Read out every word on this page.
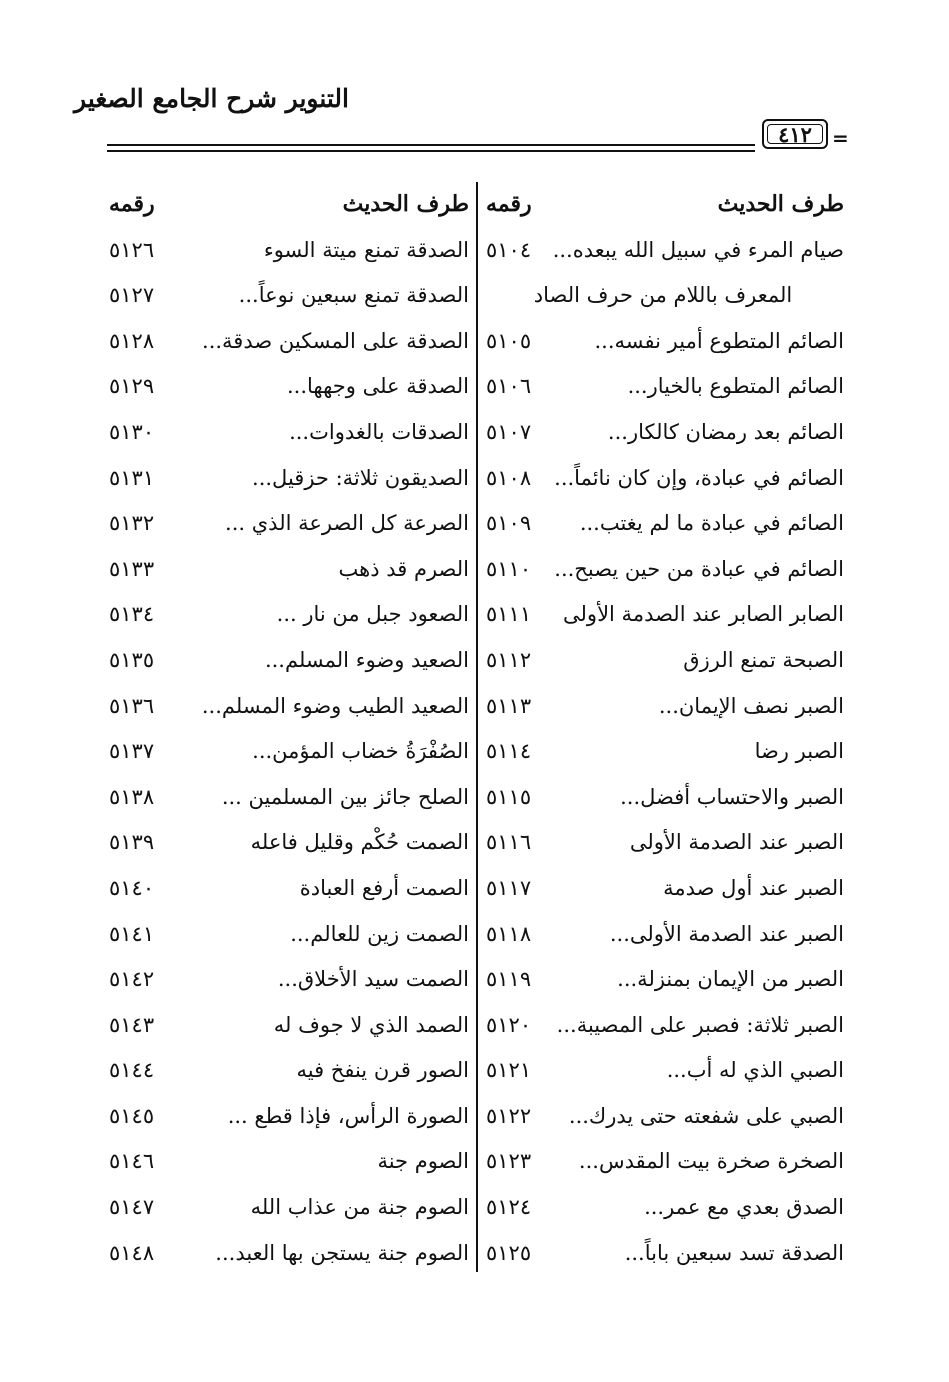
التنوير شرح الجامع الصغير
٤١٢	=
طرف الحديث
رقمه
صيام المرء في سبيل الله يبعده...
٥١٠٤
المعرف باللام من حرف الصاد
الصائم المتطوع أمير نفسه...
٥١٠٥
الصائم المتطوع بالخيار...
٥١٠٦
الصائم بعد رمضان كالكار...
٥١٠٧
الصائم في عبادة، وإن كان نائماً...
٥١٠٨
الصائم في عبادة ما لم يغتب...
٥١٠٩
الصائم في عبادة من حين يصبح...
٥١١٠
الصابر الصابر عند الصدمة الأولى
٥١١١
الصبحة تمنع الرزق
٥١١٢
الصبر نصف الإيمان...
٥١١٣
الصبر رضا
٥١١٤
الصبر والاحتساب أفضل...
٥١١٥
الصبر عند الصدمة الأولى
٥١١٦
الصبر عند أول صدمة
٥١١٧
الصبر عند الصدمة الأولى...
٥١١٨
الصبر من الإيمان بمنزلة...
٥١١٩
الصبر ثلاثة: فصبر على المصيبة...
٥١٢٠
الصبي الذي له أب...
٥١٢١
الصبي على شفعته حتى يدرك...
٥١٢٢
الصخرة صخرة بيت المقدس...
٥١٢٣
الصدق بعدي مع عمر...
٥١٢٤
الصدقة تسد سبعين باباً...
٥١٢٥
طرف الحديث
رقمه
الصدقة تمنع ميتة السوء
٥١٢٦
الصدقة تمنع سبعين نوعاً...
٥١٢٧
الصدقة على المسكين صدقة...
٥١٢٨
الصدقة على وجهها...
٥١٢٩
الصدقات بالغدوات...
٥١٣٠
الصديقون ثلاثة: حزقيل...
٥١٣١
الصرعة كل الصرعة الذي ...
٥١٣٢
الصرم قد ذهب
٥١٣٣
الصعود جبل من نار ...
٥١٣٤
الصعيد وضوء المسلم...
٥١٣٥
الصعيد الطيب وضوء المسلم...
٥١٣٦
الصُفْرَةُ خضاب المؤمن...
٥١٣٧
الصلح جائز بين المسلمين ...
٥١٣٨
الصمت حُكْم وقليل فاعله
٥١٣٩
الصمت أرفع العبادة
٥١٤٠
الصمت زين للعالم...
٥١٤١
الصمت سيد الأخلاق...
٥١٤٢
الصمد الذي لا جوف له
٥١٤٣
الصور قرن ينفخ فيه
٥١٤٤
الصورة الرأس، فإذا قطع ...
٥١٤٥
الصوم جنة
٥١٤٦
الصوم جنة من عذاب الله
٥١٤٧
الصوم جنة يستجن بها العبد...
٥١٤٨
